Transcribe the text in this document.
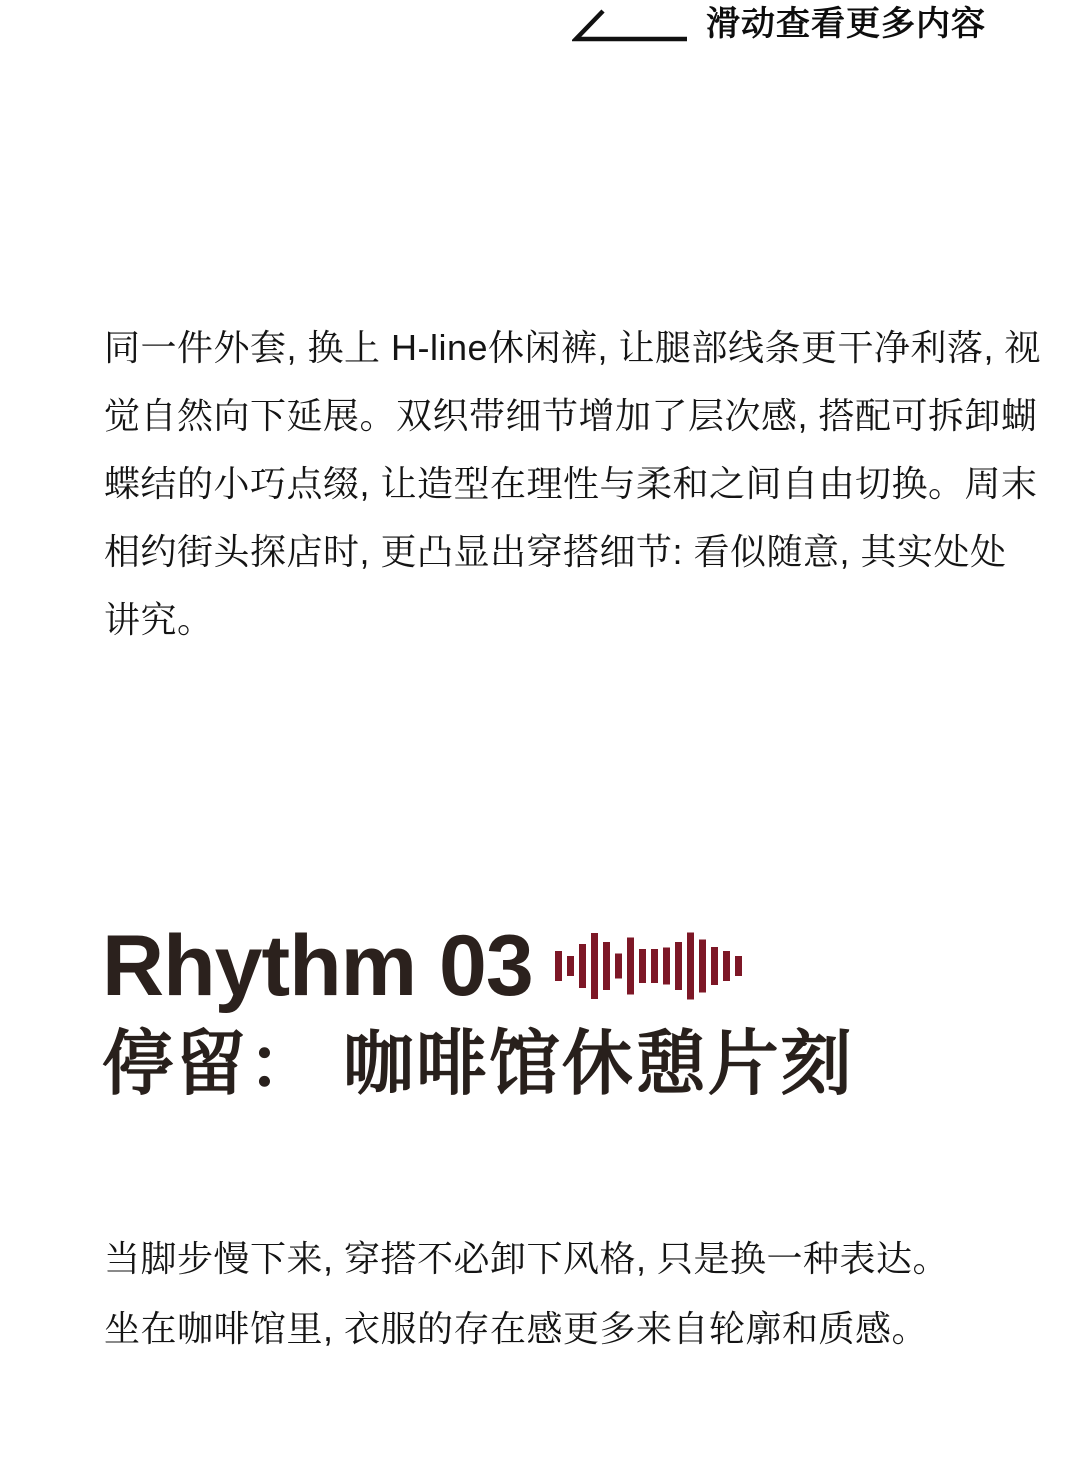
滑动查看更多内容
同一件外套, 换上 H-line休闲裤, 让腿部线条更干净利落, 视
觉自然向下延展。双织带细节增加了层次感, 搭配可拆卸蝴
蝶结的小巧点缀, 让造型在理性与柔和之间自由切换。周末
相约街头探店时, 更凸显出穿搭细节: 看似随意, 其实处处
讲究。
Rhythm 03
停留： 咖啡馆休憩片刻
当脚步慢下来, 穿搭不必卸下风格, 只是换一种表达。
坐在咖啡馆里, 衣服的存在感更多来自轮廓和质感。
